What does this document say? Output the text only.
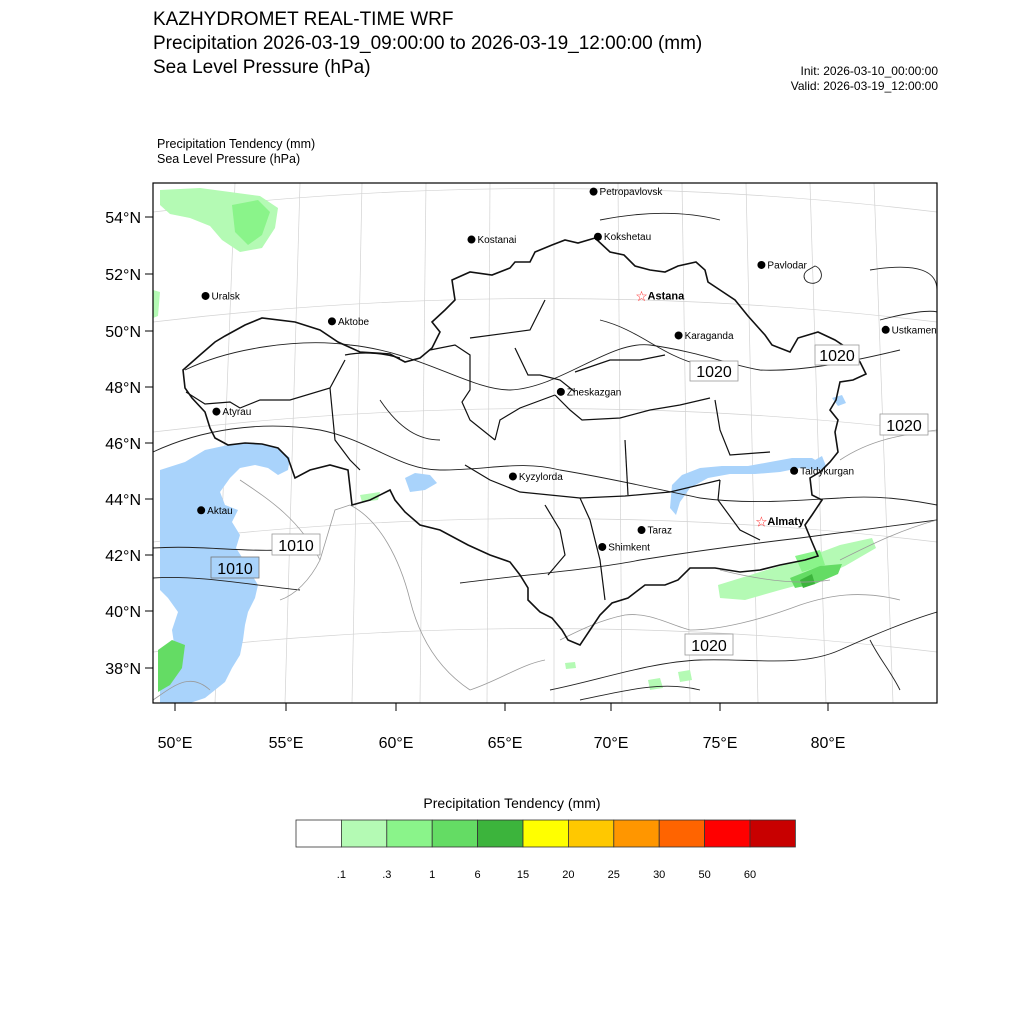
KAZHYDROMET REAL-TIME WRF
Precipitation 2026-03-19_09:00:00 to 2026-03-19_12:00:00 (mm)
Sea Level Pressure (hPa)	Init: 2026-03-10_00:00:00
Valid: 2026-03-19_12:00:00
Precipitation Tendency (mm)
Sea Level Pressure (hPa)
54°N
52°N
50°N
48°N
46°N
44°N
42°N
40°N
38°N
50°E	55°E	60°E	65°E	70°E	75°E	80°E
1020
1020
1020
1010
1010
1020
Petropavlovsk
Kostanai	Kokshetau
Uralsk
Pavlodar
☆ Astana
Aktobe
Ustkamen
Karaganda
Atyrau
Zheskazgan
Taldykurgan
Aktau
Kyzylorda
☆ Almaty
Taraz
Shimkent
.1	.3	1	6	15	20	25	30	50	60
Precipitation Tendency (mm)
